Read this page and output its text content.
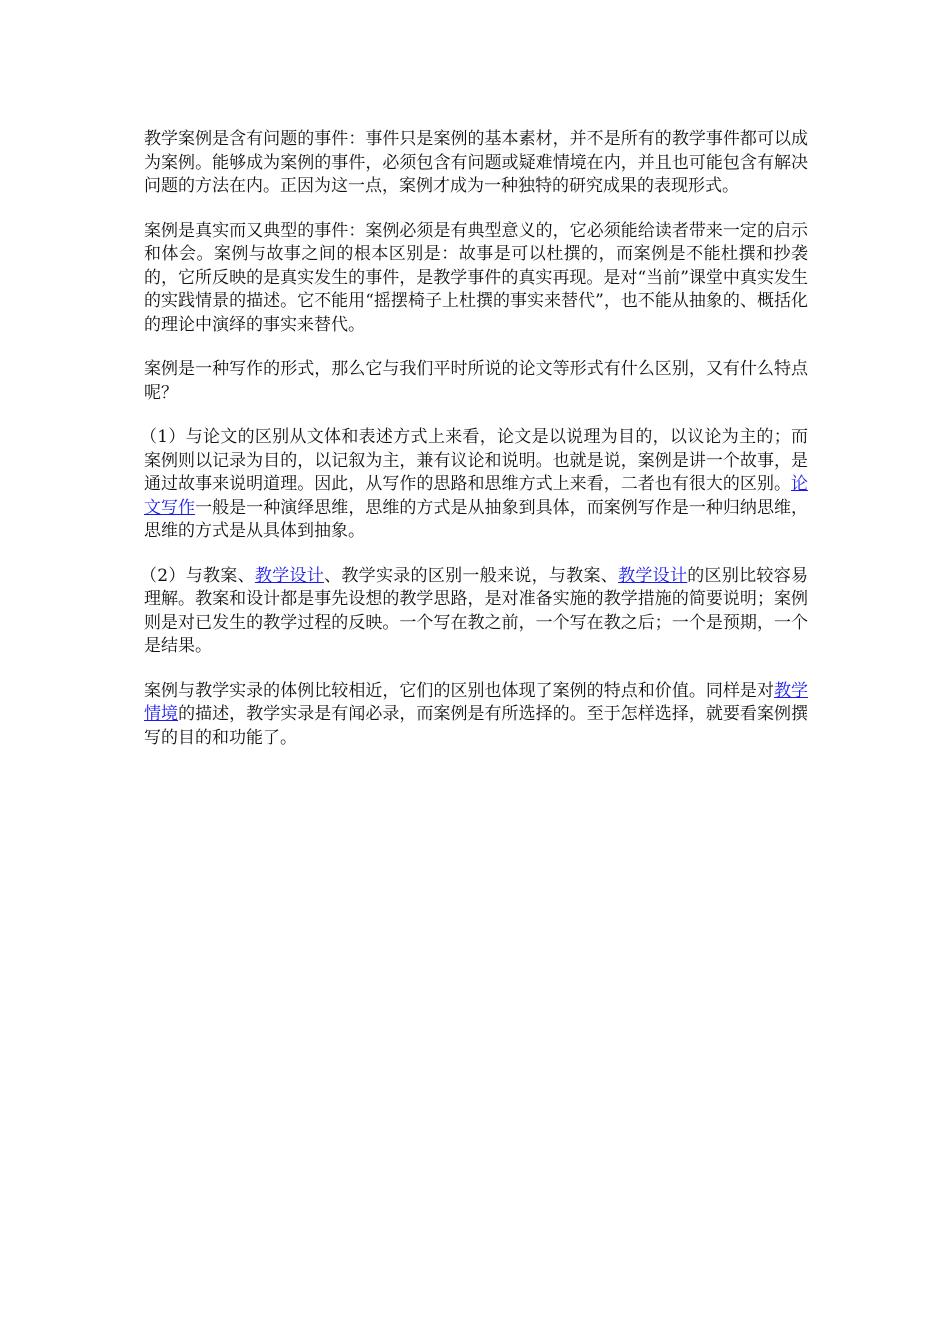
教学案例是含有问题的事件：事件只是案例的基本素材，并不是所有的教学事件都可以成为案例。能够成为案例的事件，必须包含有问题或疑难情境在内，并且也可能包含有解决问题的方法在内。正因为这一点，案例才成为一种独特的研究成果的表现形式。

案例是真实而又典型的事件：案例必须是有典型意义的，它必须能给读者带来一定的启示和体会。案例与故事之间的根本区别是：故事是可以杜撰的，而案例是不能杜撰和抄袭的，它所反映的是真实发生的事件，是教学事件的真实再现。是对“当前”课堂中真实发生的实践情景的描述。它不能用“摇摆椅子上杜撰的事实来替代”，也不能从抽象的、概括化的理论中演绎的事实来替代。

案例是一种写作的形式，那么它与我们平时所说的论文等形式有什么区别，又有什么特点呢？

（1）与论文的区别从文体和表述方式上来看，论文是以说理为目的，以议论为主的；而案例则以记录为目的，以记叙为主，兼有议论和说明。也就是说，案例是讲一个故事，是通过故事来说明道理。因此，从写作的思路和思维方式上来看，二者也有很大的区别。论文写作一般是一种演绎思维，思维的方式是从抽象到具体，而案例写作是一种归纳思维，思维的方式是从具体到抽象。

（2）与教案、教学设计、教学实录的区别一般来说，与教案、教学设计的区别比较容易理解。教案和设计都是事先设想的教学思路，是对准备实施的教学措施的简要说明；案例则是对已发生的教学过程的反映。一个写在教之前，一个写在教之后；一个是预期，一个是结果。

案例与教学实录的体例比较相近，它们的区别也体现了案例的特点和价值。同样是对教学情境的描述，教学实录是有闻必录，而案例是有所选择的。至于怎样选择，就要看案例撰写的目的和功能了。
